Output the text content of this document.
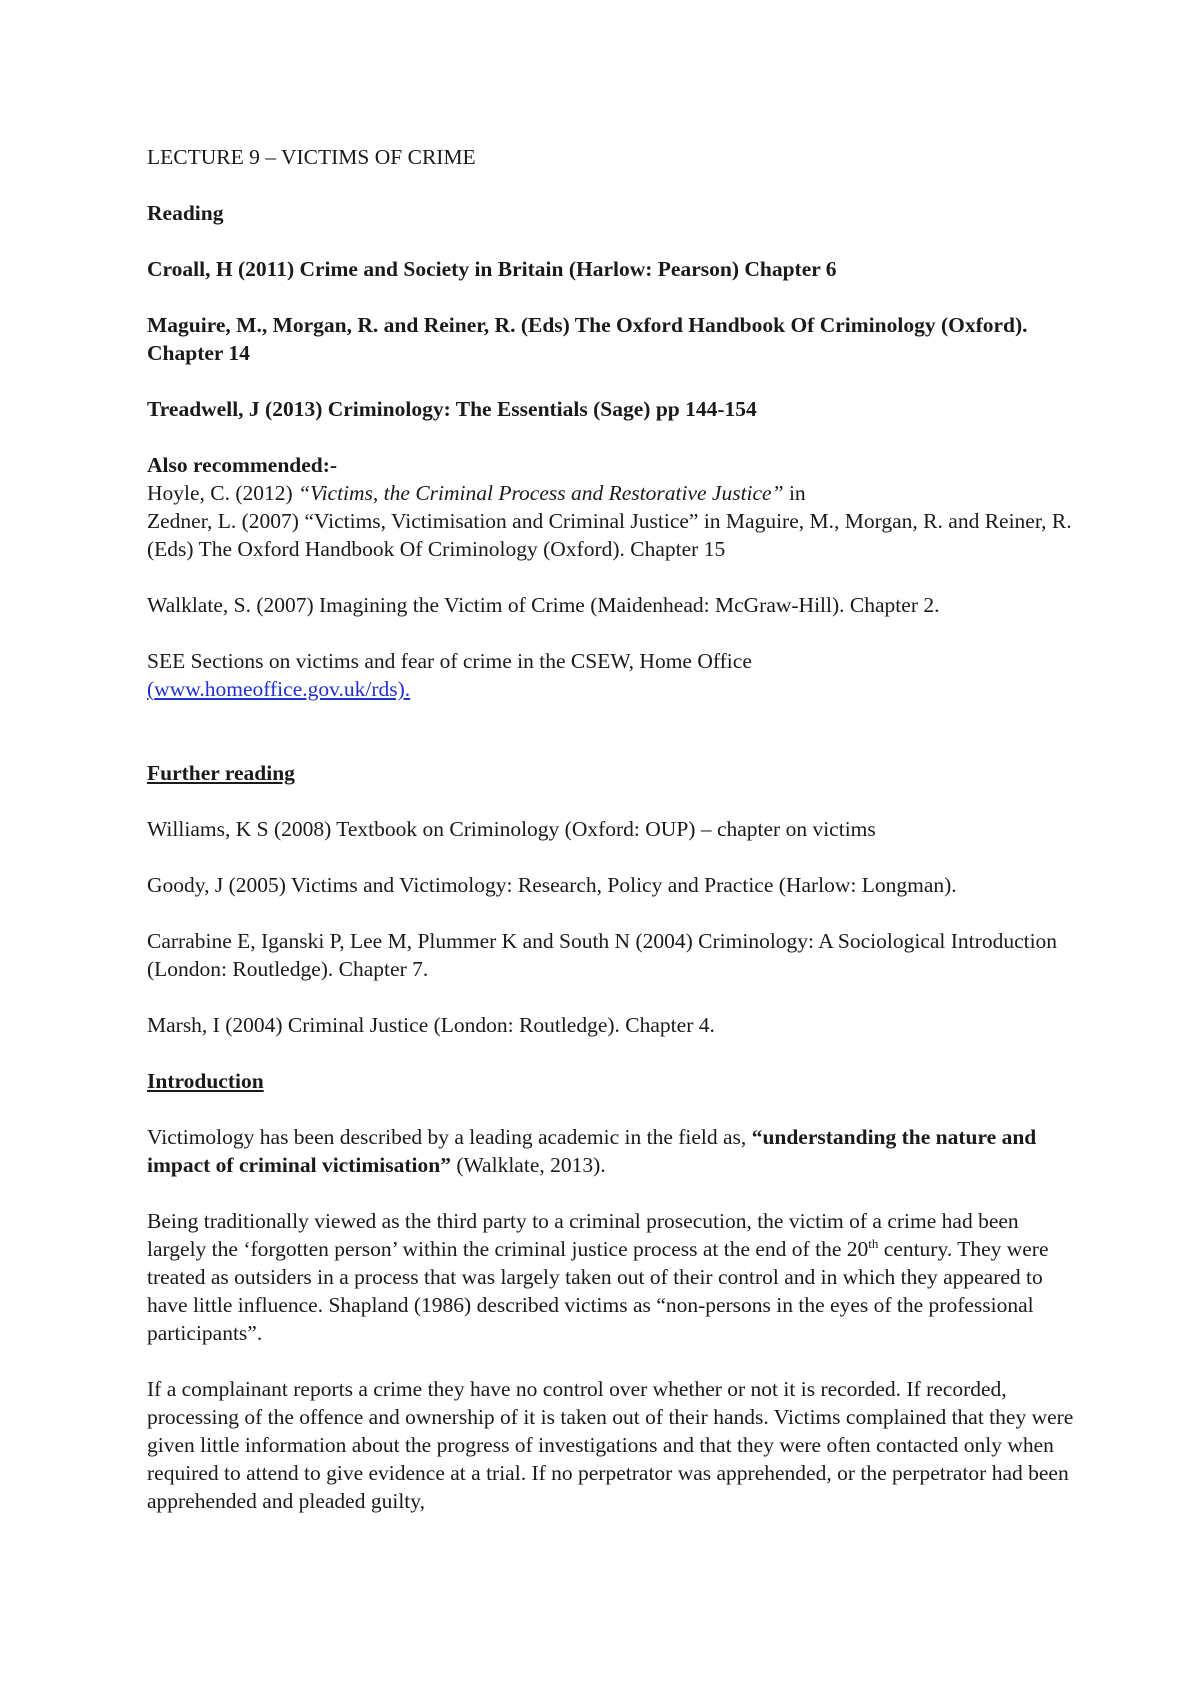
LECTURE 9 – VICTIMS OF CRIME

Reading

Croall, H (2011) Crime and Society in Britain (Harlow: Pearson) Chapter 6

Maguire, M., Morgan, R. and Reiner, R. (Eds) The Oxford Handbook Of Criminology (Oxford). Chapter 14

Treadwell, J (2013) Criminology: The Essentials (Sage) pp 144-154

Also recommended:-

Hoyle, C. (2012) “Victims, the Criminal Process and Restorative Justice” in

Zedner, L. (2007) “Victims, Victimisation and Criminal Justice” in Maguire, M., Morgan, R. and Reiner, R. (Eds) The Oxford Handbook Of Criminology (Oxford). Chapter 15

Walklate, S. (2007) Imagining the Victim of Crime (Maidenhead: McGraw-Hill). Chapter 2.

SEE Sections on victims and fear of crime in the CSEW, Home Office
(www.homeoffice.gov.uk/rds).

Further reading

Williams, K S (2008) Textbook on Criminology (Oxford: OUP) – chapter on victims

Goody, J (2005) Victims and Victimology: Research, Policy and Practice (Harlow: Longman).

Carrabine E, Iganski P, Lee M, Plummer K and South N (2004) Criminology: A Sociological Introduction (London: Routledge). Chapter 7.

Marsh, I (2004) Criminal Justice (London: Routledge). Chapter 4.

Introduction

Victimology has been described by a leading academic in the field as, “understanding the nature and impact of criminal victimisation” (Walklate, 2013).

Being traditionally viewed as the third party to a criminal prosecution, the victim of a crime had been largely the ‘forgotten person’ within the criminal justice process at the end of the 20th century. They were treated as outsiders in a process that was largely taken out of their control and in which they appeared to have little influence. Shapland (1986) described victims as “non-persons in the eyes of the professional participants”.

If a complainant reports a crime they have no control over whether or not it is recorded. If recorded, processing of the offence and ownership of it is taken out of their hands. Victims complained that they were given little information about the progress of investigations and that they were often contacted only when required to attend to give evidence at a trial. If no perpetrator was apprehended, or the perpetrator had been apprehended and pleaded guilty,
